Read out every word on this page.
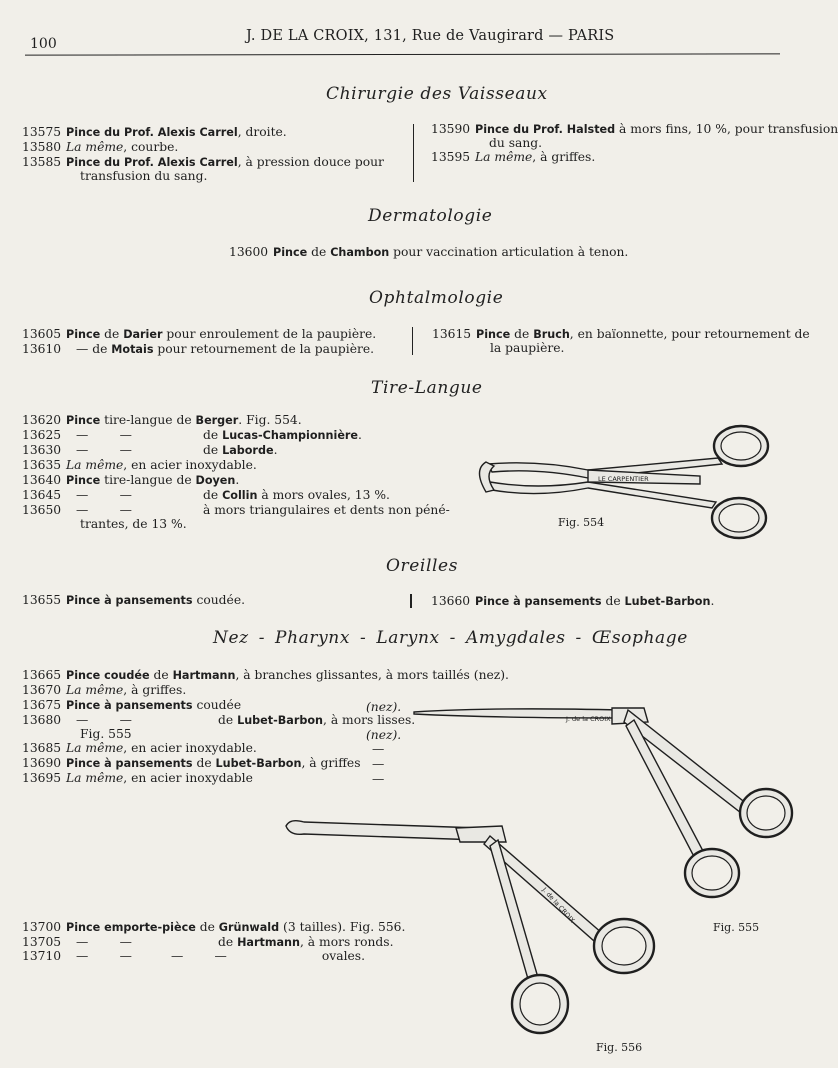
100	J. DE LA CROIX, 131, Rue de Vaugirard — PARIS
Chirurgie des Vaisseaux
13575 Pince du Prof. Alexis Carrel, droite.
13580 La même, courbe.
13585 Pince du Prof. Alexis Carrel, à pression douce pour
transfusion du sang.
13590 Pince du Prof. Halsted à mors fins, 10 %, pour transfusion
du sang.
13595 La même, à griffes.
Dermatologie
13600 Pince de Chambon pour vaccination articulation à tenon.
Ophtalmologie
13605 Pince de Darier pour enroulement de la paupière.
13610 — de Motais pour retournement de la paupière.
13615 Pince de Bruch, en baïonnette, pour retournement de
la paupière.
Tire-Langue
13620 Pince tire-langue de Berger. Fig. 554.
13625 —        —	de Lucas-Championnière.
13630 —        —	de Laborde.
13635 La même, en acier inoxydable.
13640 Pince tire-langue de Doyen.
13645 —        —	de Collin à mors ovales, 13 %.
13650 —        —	à mors triangulaires et dents non péné-
trantes, de 13 %.
LE CARPENTIER
Fig. 554
Oreilles
13655 Pince à pansements coudée.	13660 Pince à pansements de Lubet-Barbon.
Nez - Pharynx - Larynx - Amygdales - Œsophage
13665 Pince coudée de Hartmann, à branches glissantes, à mors taillés (nez).
13670 La même, à griffes.
13675 Pince à pansements coudée	(nez).
13680 —        —	de Lubet-Barbon, à mors lisses.
Fig. 555	(nez).
13685 La même, en acier inoxydable.	—
13690 Pince à pansements de Lubet-Barbon, à griffes —
13695 La même, en acier inoxydable	—
J. de la CROIX
Fig. 555
J. de la CROIX
Fig. 556
13700 Pince emporte-pièce de Grünwald (3 tailles). Fig. 556.
13705 —        —	de Hartmann, à mors ronds.
13710 —        —          —        —	ovales.
